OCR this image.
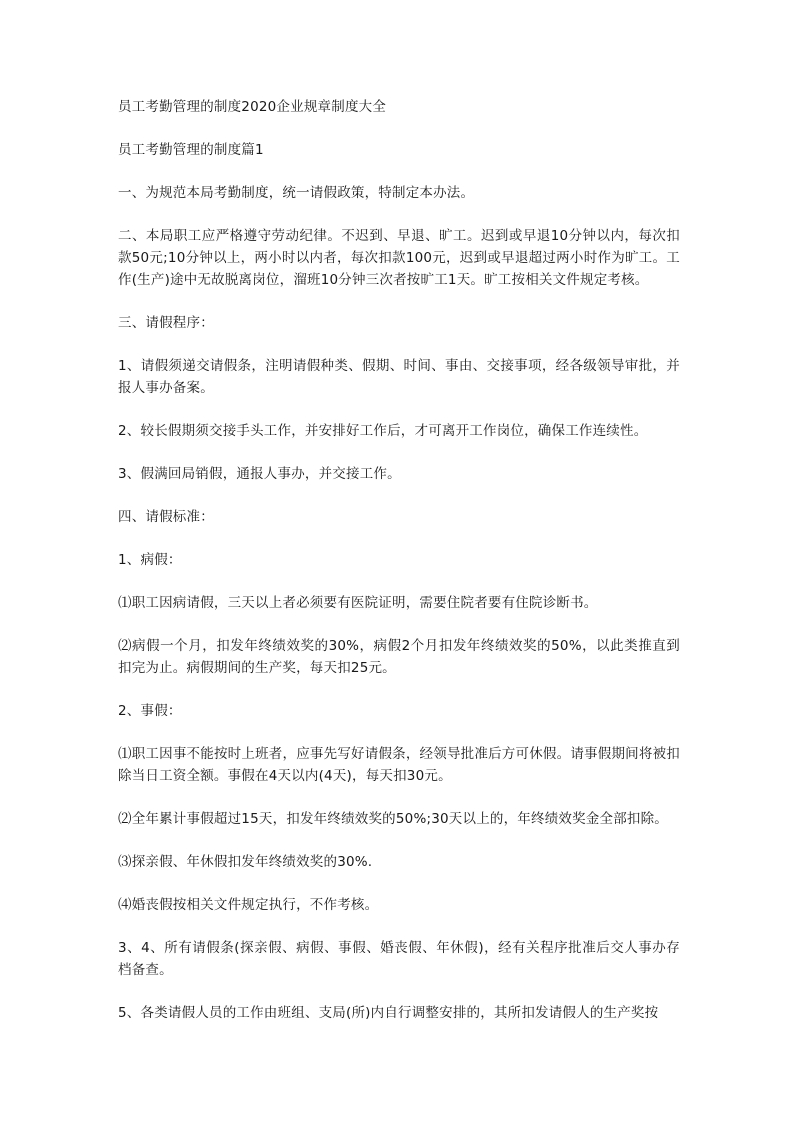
员工考勤管理的制度2020企业规章制度大全

员工考勤管理的制度篇1

一、为规范本局考勤制度，统一请假政策，特制定本办法。

二、本局职工应严格遵守劳动纪律。不迟到、早退、旷工。迟到或早退10分钟以内，每次扣款50元;10分钟以上，两小时以内者，每次扣款100元，迟到或早退超过两小时作为旷工。工作(生产)途中无故脱离岗位，溜班10分钟三次者按旷工1天。旷工按相关文件规定考核。

三、请假程序：

1、请假须递交请假条，注明请假种类、假期、时间、事由、交接事项，经各级领导审批，并报人事办备案。

2、较长假期须交接手头工作，并安排好工作后，才可离开工作岗位，确保工作连续性。

3、假满回局销假，通报人事办，并交接工作。

四、请假标准：

1、病假：

⑴职工因病请假，三天以上者必须要有医院证明，需要住院者要有住院诊断书。

⑵病假一个月，扣发年终绩效奖的30%，病假2个月扣发年终绩效奖的50%，以此类推直到扣完为止。病假期间的生产奖，每天扣25元。

2、事假：

⑴职工因事不能按时上班者，应事先写好请假条，经领导批准后方可休假。请事假期间将被扣除当日工资全额。事假在4天以内(4天)，每天扣30元。

⑵全年累计事假超过15天，扣发年终绩效奖的50%;30天以上的，年终绩效奖金全部扣除。

⑶探亲假、年休假扣发年终绩效奖的30%.

⑷婚丧假按相关文件规定执行，不作考核。

3、4、所有请假条(探亲假、病假、事假、婚丧假、年休假)，经有关程序批准后交人事办存档备查。

5、各类请假人员的工作由班组、支局(所)内自行调整安排的，其所扣发请假人的生产奖按
